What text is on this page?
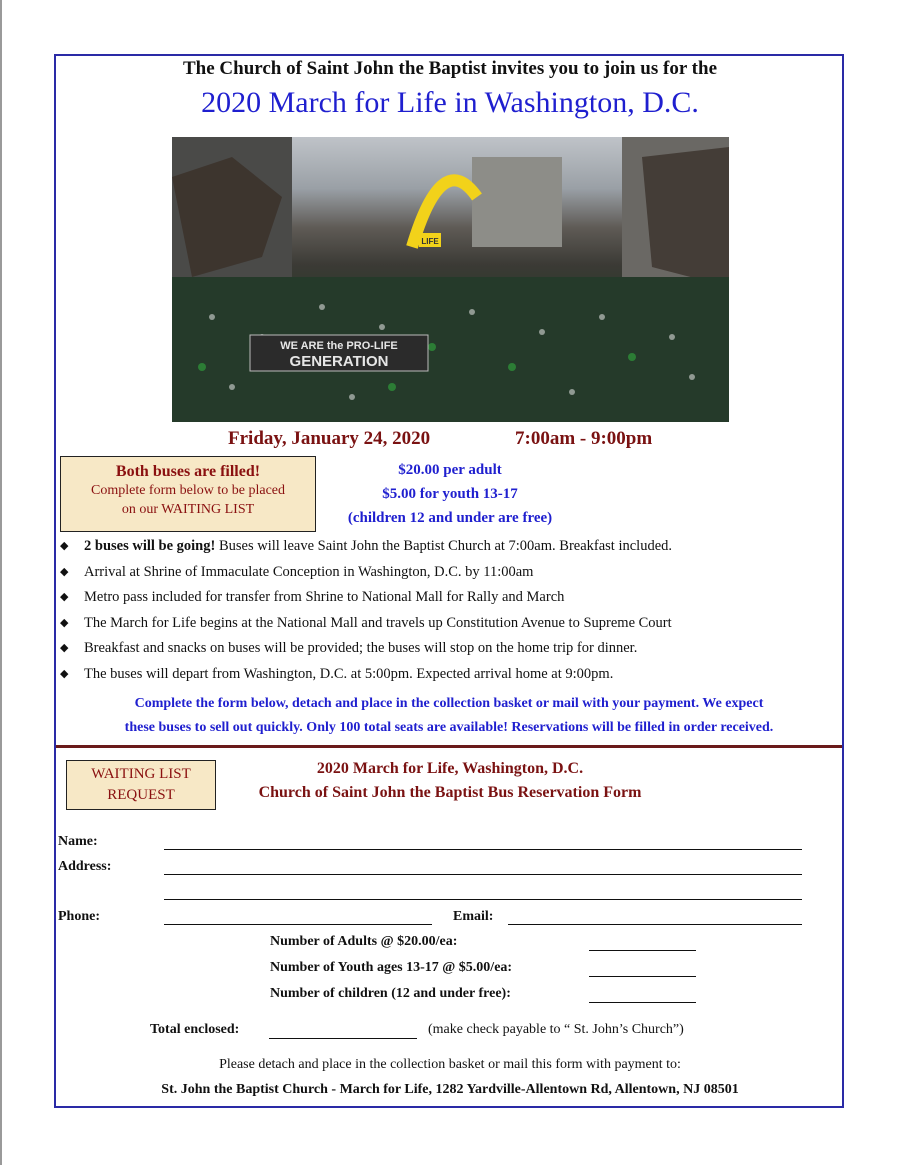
The Church of Saint John the Baptist invites you to join us for the
2020 March for Life in Washington, D.C.
WE ARE the PRO-LIFE
GENERATION
LIFE
Friday, January 24, 2020	7:00am - 9:00pm
Both buses are filled!
Complete form below to be placed
on our WAITING LIST
$20.00 per adult
$5.00 for youth 13-17
(children 12 and under are free)
◆ 2 buses will be going! Buses will leave Saint John the Baptist Church at 7:00am. Breakfast included.
◆ Arrival at Shrine of Immaculate Conception in Washington, D.C. by 11:00am
◆ Metro pass included for transfer from Shrine to National Mall for Rally and March
◆ The March for Life begins at the National Mall and travels up Constitution Avenue to Supreme Court
◆ Breakfast and snacks on buses will be provided; the buses will stop on the home trip for dinner.
◆ The buses will depart from Washington, D.C. at 5:00pm. Expected arrival home at 9:00pm.
Complete the form below, detach and place in the collection basket or mail with your payment. We expect
these buses to sell out quickly. Only 100 total seats are available! Reservations will be filled in order received.
WAITING LIST
REQUEST
2020 March for Life, Washington, D.C.
Church of Saint John the Baptist Bus Reservation Form
Name:
Address:
Phone:	Email:
Number of Adults @ $20.00/ea:
Number of Youth ages 13-17 @ $5.00/ea:
Number of children (12 and under free):
Total enclosed:	(make check payable to “ St. John’s Church”)
Please detach and place in the collection basket or mail this form with payment to:
St. John the Baptist Church - March for Life, 1282 Yardville-Allentown Rd, Allentown, NJ 08501
